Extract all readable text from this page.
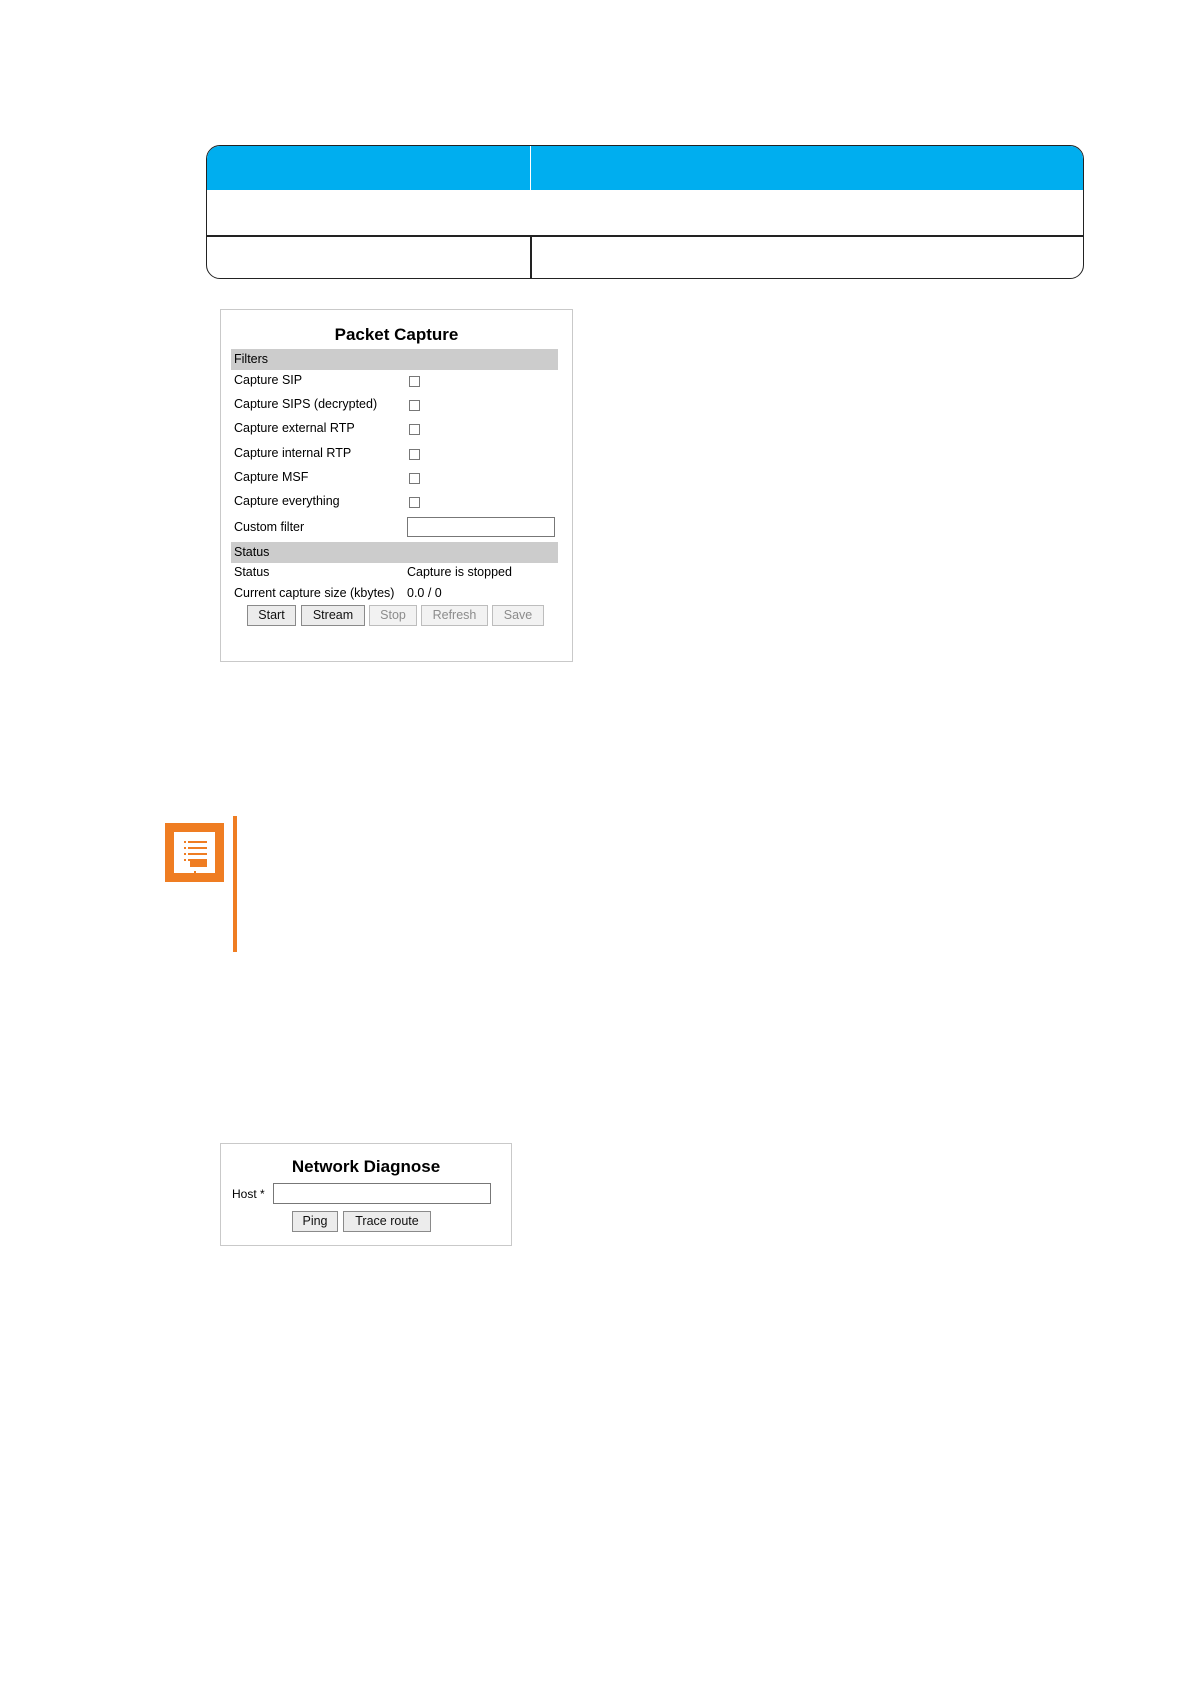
Packet Capture
Filters
Capture SIP
Capture SIPS (decrypted)
Capture external RTP
Capture internal RTP
Capture MSF
Capture everything
Custom filter
Status
Status	Capture is stopped
Current capture size (kbytes) 0.0 / 0
Start	Stream	Stop	Refresh	Save
Network Diagnose
Host *
Ping	Trace route
